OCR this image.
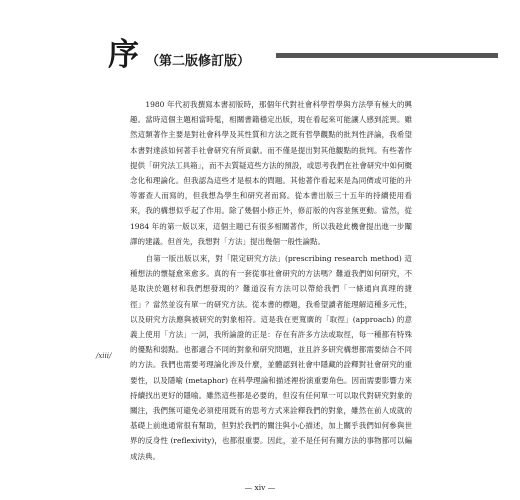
序 （第二版修訂版）

　　1980 年代初我撰寫本書初版時，那個年代對社會科學哲學與方法學有極大的興趣。當時這個主題相當時髦，相關書籍穩定出版，現在看起來可能讓人感到詫異。雖然這類著作主要是對社會科學及其性質和方法之既有哲學觀點的批判性評論，我希望本書對達該如何著手社會研究有所貢獻。而不僅是提出對其他觀點的批判。有些著作提供「研究法工具箱」，而不去質疑這些方法的預設，或思考我們在社會研究中如何概念化和理論化。但我認為這些才是根本的問題。其他著作看起來是為同儕或可能的升等審查人而寫的，但我想為學生和研究者而寫。從本書出版三十五年的持續使用看來，我的構想似乎起了作用。除了幾個小修正外，修訂版的內容並無更動。當然，從 1984 年的第一版以來，這個主題已有很多相關著作，所以我趁此機會提出進一步闡譯的建議。但首先，我想對「方法」提出幾個一般性論點。

　　自第一版出版以來，對「限定研究方法」(prescribing research method) 這種想法的懷疑愈來愈多。真的有一套從事社會研究的方法嗎？難道我們如何研究，不是取決於題材和我們想發現的？難道沒有方法可以帶給我們「一條通向真理的捷徑」？當然並沒有單一的研究方法。從本書的標題，我希望讀者能理解這種多元性，以及研究方法應與被研究的對象相符。這是我在更寬廣的「取徑」(approach) 的意義上使用「方法」一詞，我所論證的正是：存在有許多方法或取徑，每一種都有特殊的優點和弱點。也都適合不同的對象和研究問題，並且許多研究構想都需要結合不同的方法。我們也需要考理論化涉及什麼，並體認到社會中隱藏的詮釋對社會研究的重要性，以及隱喻 (metaphor) 在科學理論和描述裡扮演重要角色。因而需要影響力來持續找出更好的隱喻。雖然這些都是必要的，但沒有任何單一可以取代對研究對象的關注，我們無可避免必須使用既有的思考方式來詮釋我們的對象，雖然在前人成就的基礎上前進通常很有幫助，但對於我們的關注與小心描述，加上關乎我們如何參與世界的反身性 (reflexivity)，也都很重要。因此，並不是任何有關方法的事物都可以編成法典。

/xiii/
— xiv —
